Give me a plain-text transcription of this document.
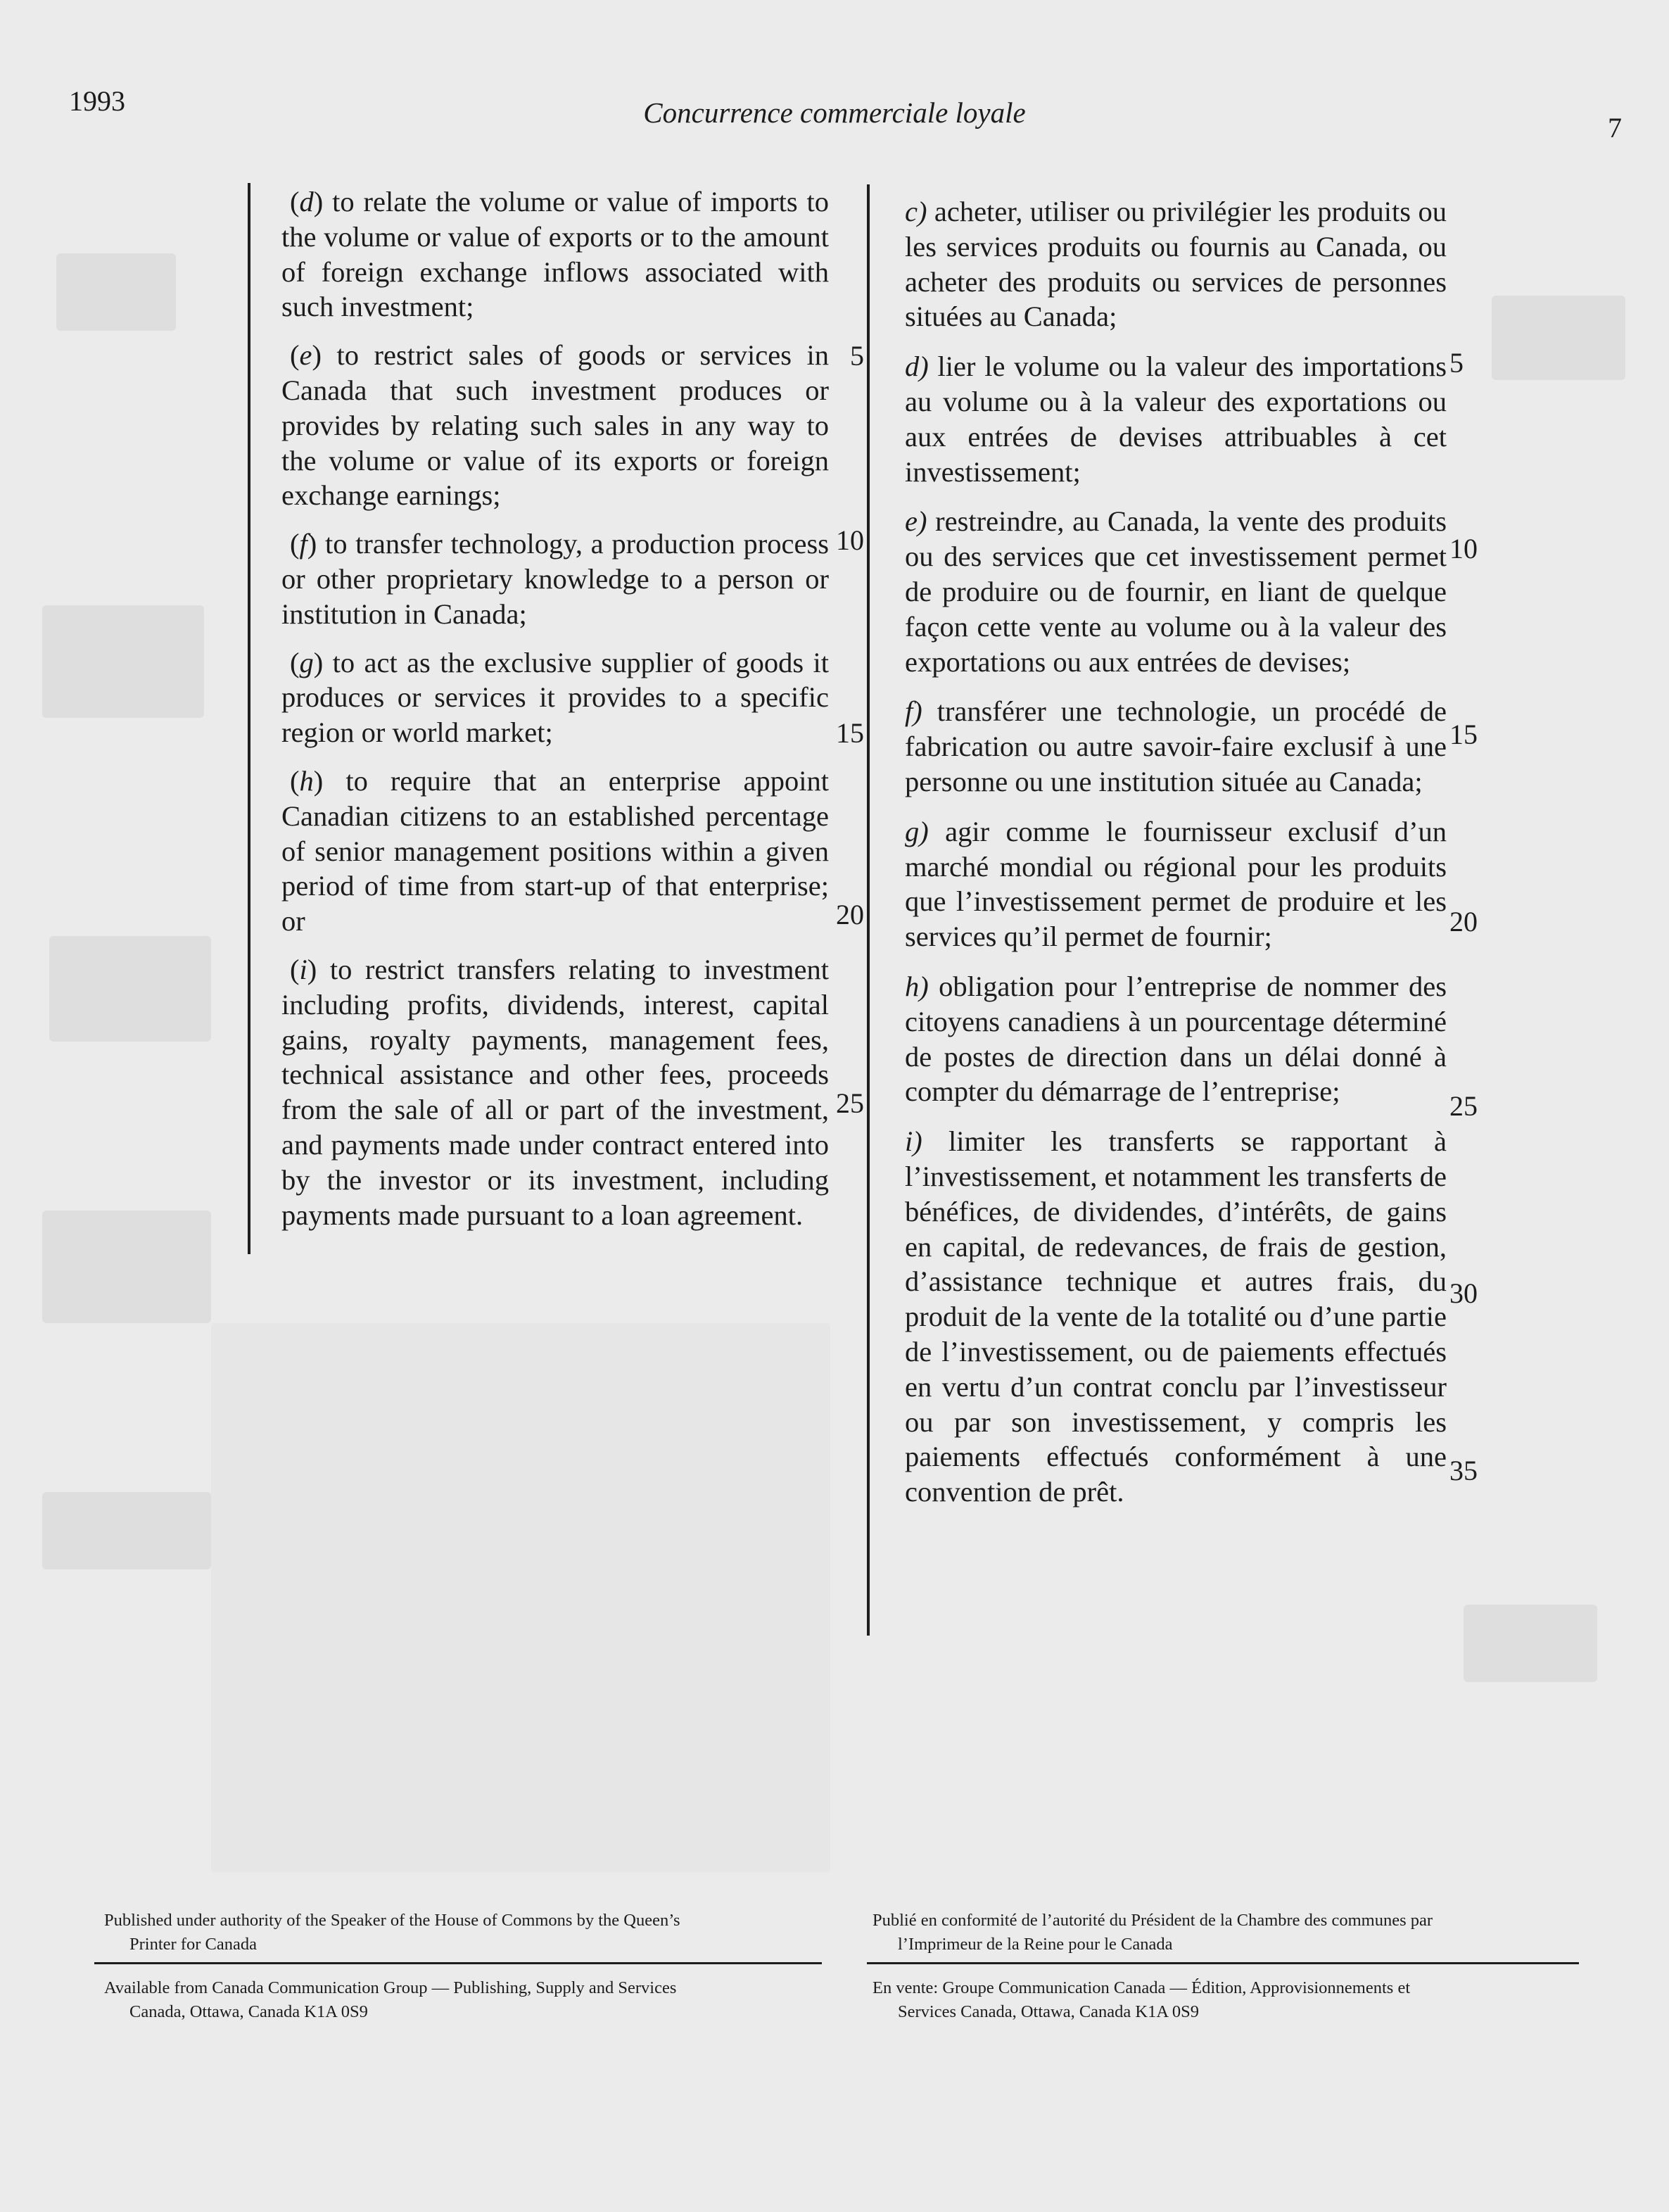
1993	Concurrence commerciale loyale	7

(d) to relate the volume or value of imports to the volume or value of exports or to the amount of foreign exchange inflows associated with such investment;

(e) to restrict sales of goods or services in Canada that such investment produces or provides by relating such sales in any way to the volume or value of its exports or foreign exchange earnings;

(f) to transfer technology, a production process or other proprietary knowledge to a person or institution in Canada;

(g) to act as the exclusive supplier of goods it produces or services it provides to a specific region or world market;

(h) to require that an enterprise appoint Canadian citizens to an established percentage of senior management positions within a given period of time from start-up of that enterprise; or

(i) to restrict transfers relating to investment including profits, dividends, interest, capital gains, royalty payments, management fees, technical assistance and other fees, proceeds from the sale of all or part of the investment, and payments made under contract entered into by the investor or its investment, including payments made pursuant to a loan agreement.

5
10
15
20
25

c) acheter, utiliser ou privilégier les produits ou les services produits ou fournis au Canada, ou acheter des produits ou services de personnes situées au Canada;

d) lier le volume ou la valeur des importations au volume ou à la valeur des exportations ou aux entrées de devises attribuables à cet investissement;

e) restreindre, au Canada, la vente des produits ou des services que cet investissement permet de produire ou de fournir, en liant de quelque façon cette vente au volume ou à la valeur des exportations ou aux entrées de devises;

f) transférer une technologie, un procédé de fabrication ou autre savoir-faire exclusif à une personne ou une institution située au Canada;

g) agir comme le fournisseur exclusif d’un marché mondial ou régional pour les produits que l’investissement permet de produire et les services qu’il permet de fournir;

h) obligation pour l’entreprise de nommer des citoyens canadiens à un pourcentage déterminé de postes de direction dans un délai donné à compter du démarrage de l’entreprise;

i) limiter les transferts se rapportant à l’investissement, et notamment les transferts de bénéfices, de dividendes, d’intérêts, de gains en capital, de redevances, de frais de gestion, d’assistance technique et autres frais, du produit de la vente de la totalité ou d’une partie de l’investissement, ou de paiements effectués en vertu d’un contrat conclu par l’investisseur ou par son investissement, y compris les paiements effectués conformément à une convention de prêt.

5
10
15
20
25
30
35
Published under authority of the Speaker of the House of Commons by the Queen’s
Printer for Canada
Available from Canada Communication Group — Publishing, Supply and Services
Canada, Ottawa, Canada K1A 0S9
Publié en conformité de l’autorité du Président de la Chambre des communes par
l’Imprimeur de la Reine pour le Canada
En vente: Groupe Communication Canada — Édition, Approvisionnements et
Services Canada, Ottawa, Canada K1A 0S9
